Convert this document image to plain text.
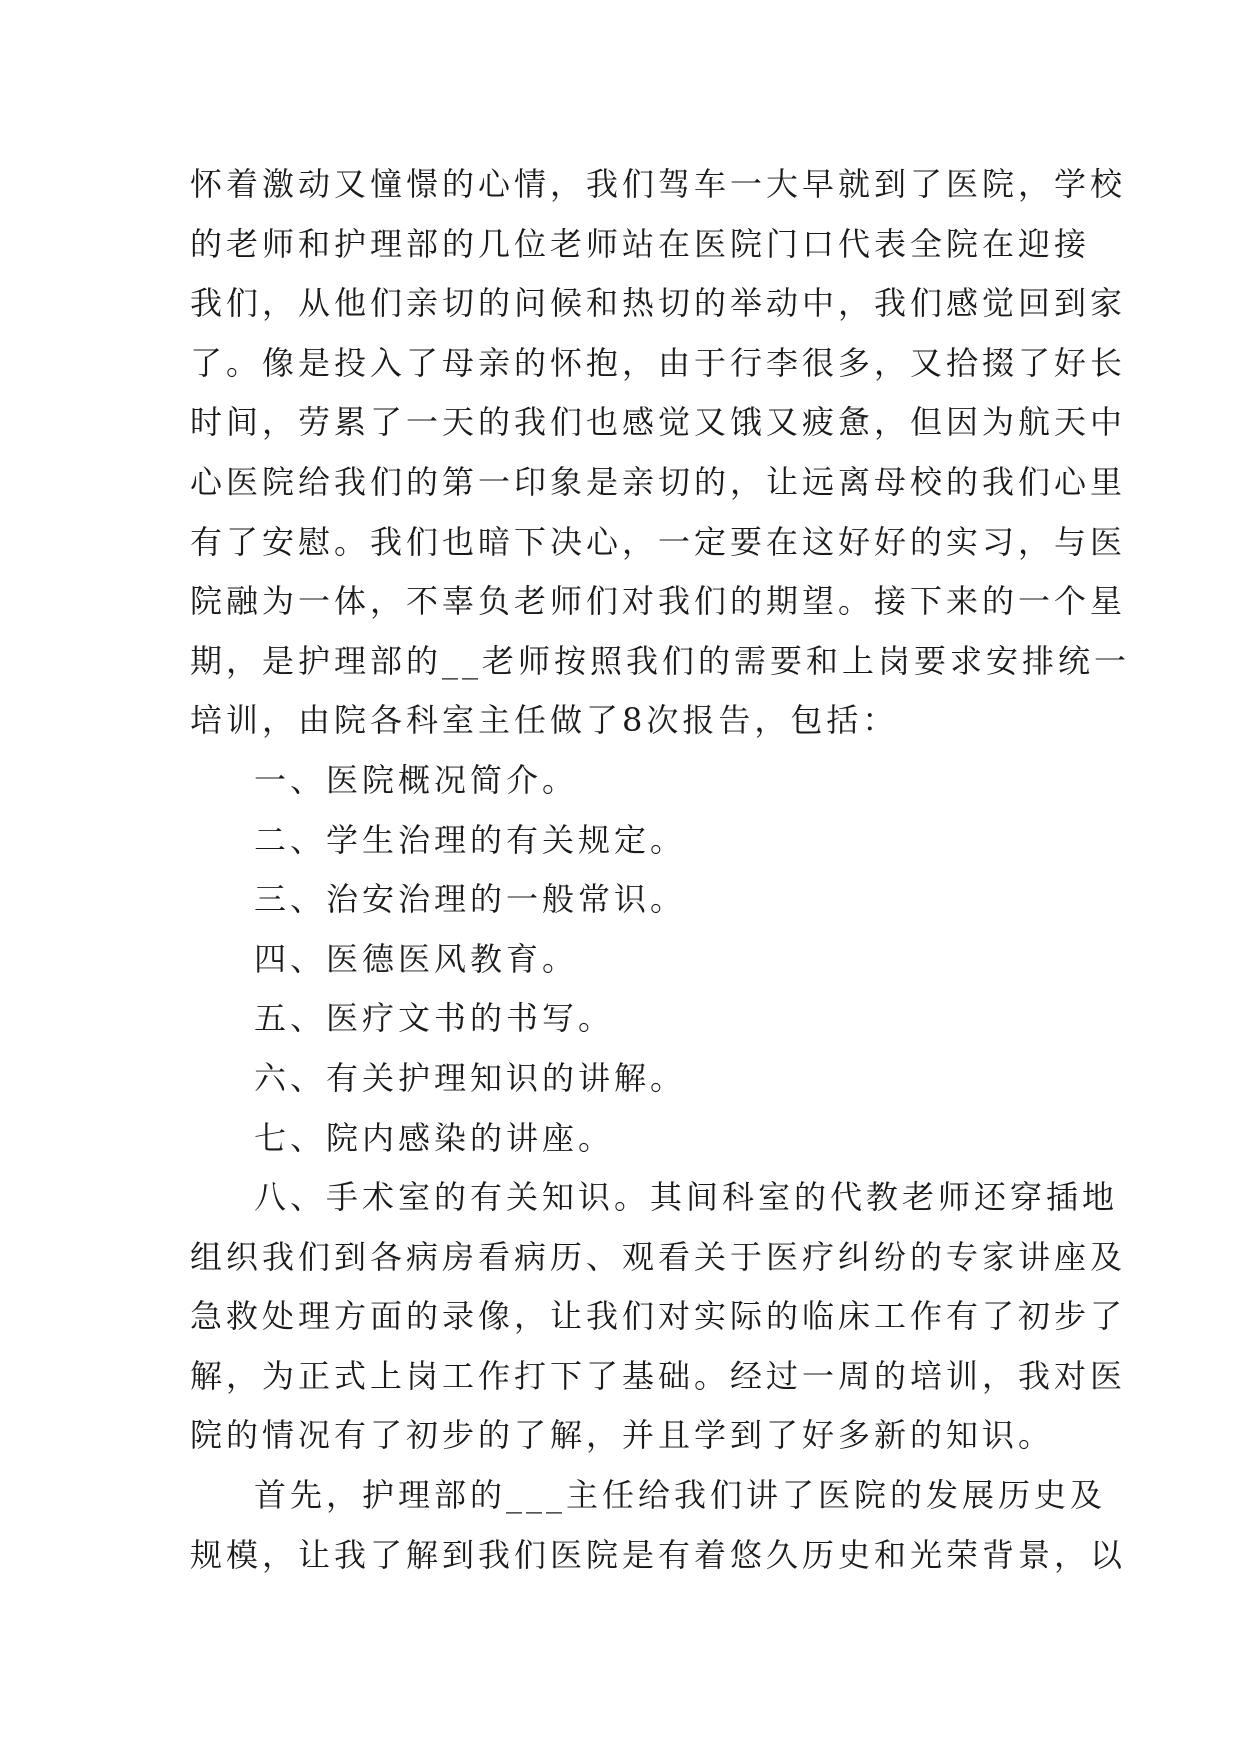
怀着激动又憧憬的心情，我们驾车一大早就到了医院，学校
的老师和护理部的几位老师站在医院门口代表全院在迎接
我们，从他们亲切的问候和热切的举动中，我们感觉回到家
了。像是投入了母亲的怀抱，由于行李很多，又拾掇了好长
时间，劳累了一天的我们也感觉又饿又疲惫，但因为航天中
心医院给我们的第一印象是亲切的，让远离母校的我们心里
有了安慰。我们也暗下决心，一定要在这好好的实习，与医
院融为一体，不辜负老师们对我们的期望。接下来的一个星
期，是护理部的__老师按照我们的需要和上岗要求安排统一
培训，由院各科室主任做了8次报告，包括：
一、医院概况简介。
二、学生治理的有关规定。
三、治安治理的一般常识。
四、医德医风教育。
五、医疗文书的书写。
六、有关护理知识的讲解。
七、院内感染的讲座。
八、手术室的有关知识。其间科室的代教老师还穿插地
组织我们到各病房看病历、观看关于医疗纠纷的专家讲座及
急救处理方面的录像，让我们对实际的临床工作有了初步了
解，为正式上岗工作打下了基础。经过一周的培训，我对医
院的情况有了初步的了解，并且学到了好多新的知识。
首先，护理部的___主任给我们讲了医院的发展历史及
规模，让我了解到我们医院是有着悠久历史和光荣背景，以
